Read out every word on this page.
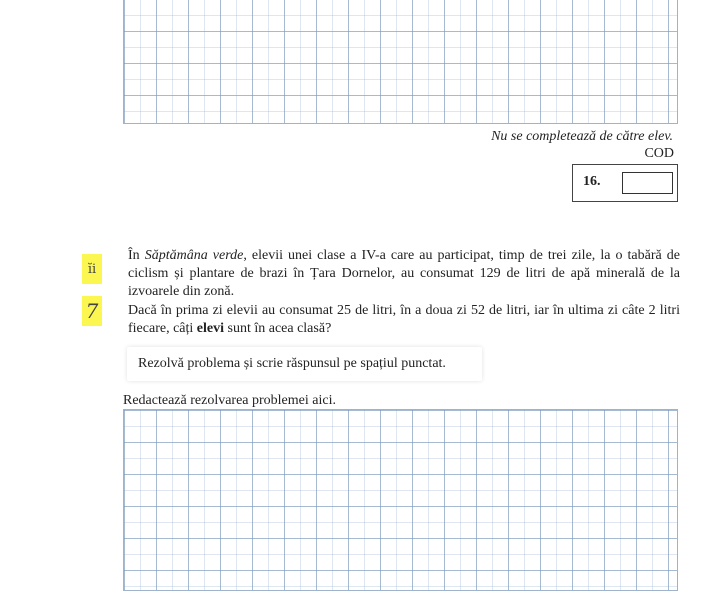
Nu se completează de către elev.
COD
16.
ĭi
7

În Săptămâna verde, elevii unei clase a IV-a care au participat, timp de trei zile, la o tabără de ciclism și plantare de brazi în Țara Dornelor, au consumat 129 de litri de apă minerală de la izvoarele din zonă.

Dacă în prima zi elevii au consumat 25 de litri, în a doua zi 52 de litri, iar în ultima zi câte 2 litri fiecare, câți elevi sunt în acea clasă?

Rezolvă problema și scrie răspunsul pe spațiul punctat.
Redactează rezolvarea problemei aici.
